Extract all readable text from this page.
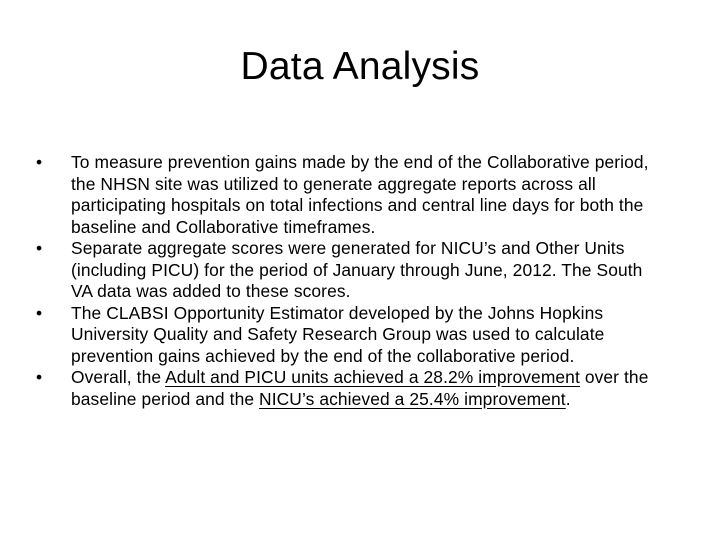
Data Analysis
•	To measure prevention gains made by the end of the Collaborative period, the NHSN site was utilized to generate aggregate reports across all participating hospitals on total infections and central line days for both the baseline and Collaborative timeframes.
•	Separate aggregate scores were generated for NICU’s and Other Units (including PICU) for the period of January through June, 2012. The South VA data was added to these scores.
•	The CLABSI Opportunity Estimator developed by the Johns Hopkins University Quality and Safety Research Group was used to calculate prevention gains achieved by the end of the collaborative period.
•	Overall, the Adult and PICU units achieved a 28.2% improvement over the baseline period and the NICU’s achieved a 25.4% improvement.
